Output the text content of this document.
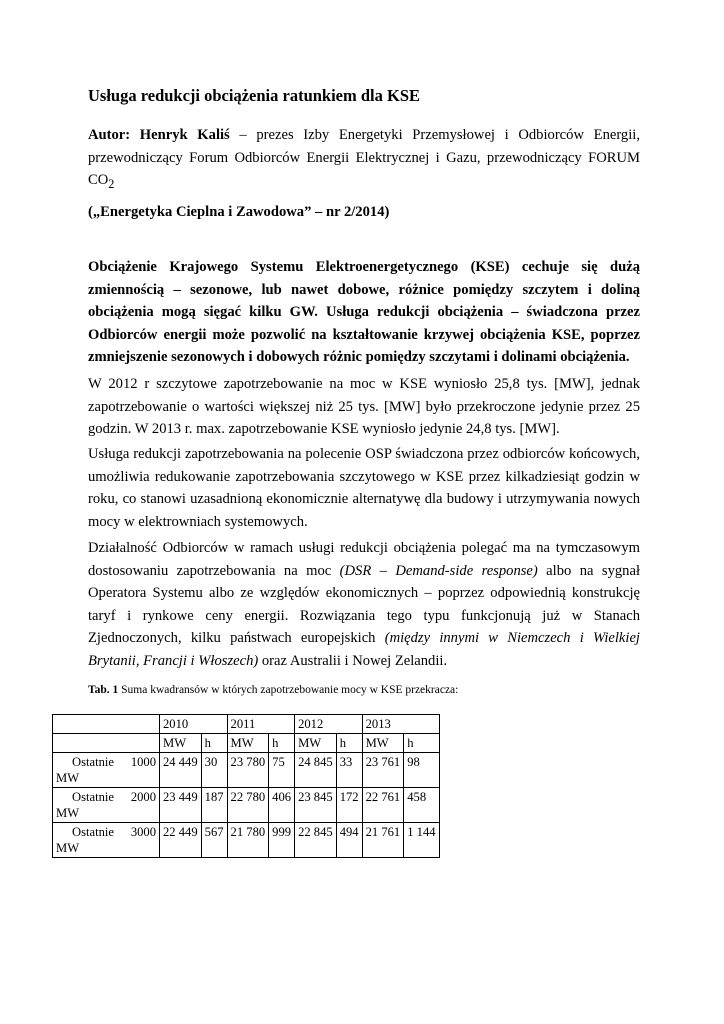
Usługa redukcji obciążenia ratunkiem dla KSE

Autor: Henryk Kaliś – prezes Izby Energetyki Przemysłowej i Odbiorców Energii, przewodniczący Forum Odbiorców Energii Elektrycznej i Gazu, przewodniczący FORUM $CO_2$

(„Energetyka Cieplna i Zawodowa” – nr 2/2014)

Obciążenie Krajowego Systemu Elektroenergetycznego (KSE) cechuje się dużą zmiennością – sezonowe, lub nawet dobowe, różnice pomiędzy szczytem i doliną obciążenia mogą sięgać kilku GW. Usługa redukcji obciążenia – świadczona przez Odbiorców energii może pozwolić na kształtowanie krzywej obciążenia KSE, poprzez zmniejszenie sezonowych i dobowych różnic pomiędzy szczytami i dolinami obciążenia.

W 2012 r szczytowe zapotrzebowanie na moc w KSE wyniosło 25,8 tys. [MW], jednak zapotrzebowanie o wartości większej niż 25 tys. [MW] było przekroczone jedynie przez 25 godzin. W 2013 r. max. zapotrzebowanie KSE wyniosło jedynie 24,8 tys. [MW].

Usługa redukcji zapotrzebowania na polecenie OSP świadczona przez odbiorców końcowych, umożliwia redukowanie zapotrzebowania szczytowego w KSE przez kilkadziesiąt godzin w roku, co stanowi uzasadnioną ekonomicznie alternatywę dla budowy i utrzymywania nowych mocy w elektrowniach systemowych.

Działalność Odbiorców w ramach usługi redukcji obciążenia polegać ma na tymczasowym dostosowaniu zapotrzebowania na moc (DSR – Demand-side response) albo na sygnał Operatora Systemu albo ze względów ekonomicznych – poprzez odpowiednią konstrukcję taryf i rynkowe ceny energii. Rozwiązania tego typu funkcjonują już w Stanach Zjednoczonych, kilku państwach europejskich (między innymi w Niemczech i Wielkiej Brytanii, Francji i Włoszech) oraz Australii i Nowej Zelandii.

Tab. 1 Suma kwadransów w których zapotrzebowanie mocy w KSE przekracza:

	2010		2011		2012		2013	
	MW	h	MW	h	MW	h	MW	h

Ostatnie 1000
MW	24 449	30	23 780	75	24 845	33	23 761	98

Ostatnie 2000
MW	23 449	187	22 780	406	23 845	172	22 761	458

Ostatnie 3000
MW	22 449	567	21 780	999	22 845	494	21 761	1 144
